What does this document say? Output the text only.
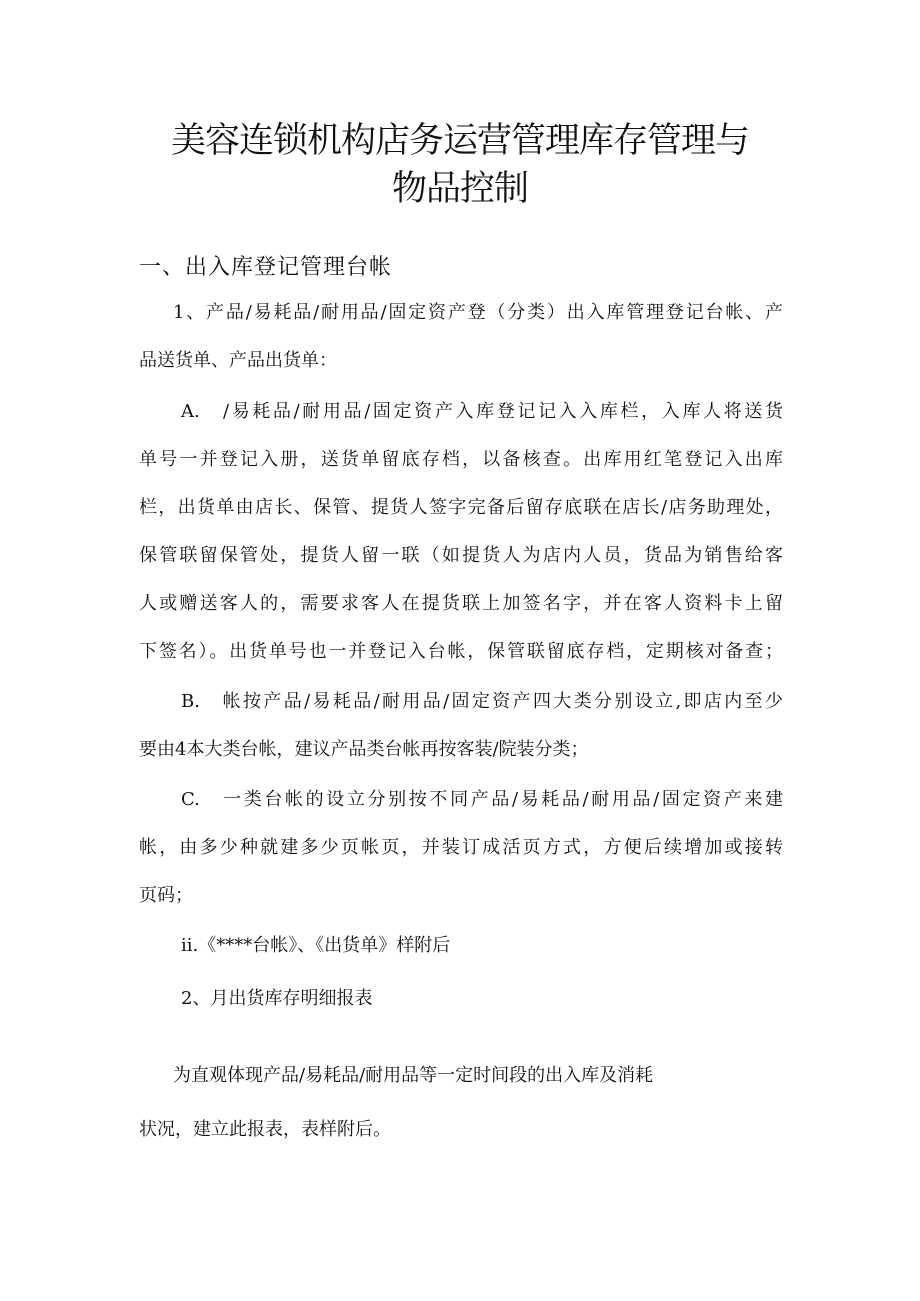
美容连锁机构店务运营管理库存管理与
物品控制
一、出入库登记管理台帐

1、产品/易耗品/耐用品/固定资产登（分类）出入库管理登记台帐、产

品送货单、产品出货单：

A.　/易耗品/耐用品/固定资产入库登记记入入库栏，入库人将送货

单号一并登记入册，送货单留底存档，以备核查。出库用红笔登记入出库

栏，出货单由店长、保管、提货人签字完备后留存底联在店长/店务助理处，

保管联留保管处，提货人留一联（如提货人为店内人员，货品为销售给客

人或赠送客人的，需要求客人在提货联上加签名字，并在客人资料卡上留

下签名）。出货单号也一并登记入台帐，保管联留底存档，定期核对备查；

B.　帐按产品/易耗品/耐用品/固定资产四大类分别设立,即店内至少

要由4本大类台帐，建议产品类台帐再按客装/院装分类；

C.　一类台帐的设立分别按不同产品/易耗品/耐用品/固定资产来建

帐，由多少种就建多少页帐页，并装订成活页方式，方便后续增加或接转

页码；

ii.《****台帐》、《出货单》样附后

2、月出货库存明细报表

为直观体现产品/易耗品/耐用品等一定时间段的出入库及消耗

状况，建立此报表，表样附后。
